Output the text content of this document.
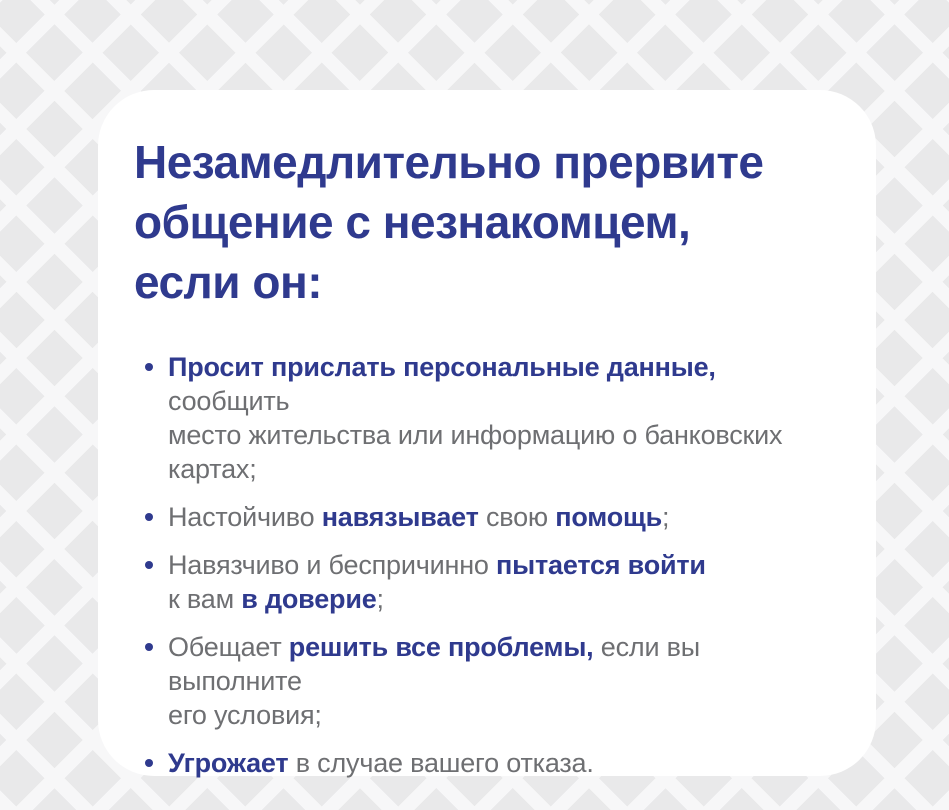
Незамедлительно прервите
общение с незнакомцем,
если он:
Просит прислать персональные данные, сообщить
место жительства или информацию о банковских
картах;
Настойчиво навязывает свою помощь;
Навязчиво и беспричинно пытается войти
к вам в доверие;
Обещает решить все проблемы, если вы выполните
его условия;
Угрожает в случае вашего отказа.
